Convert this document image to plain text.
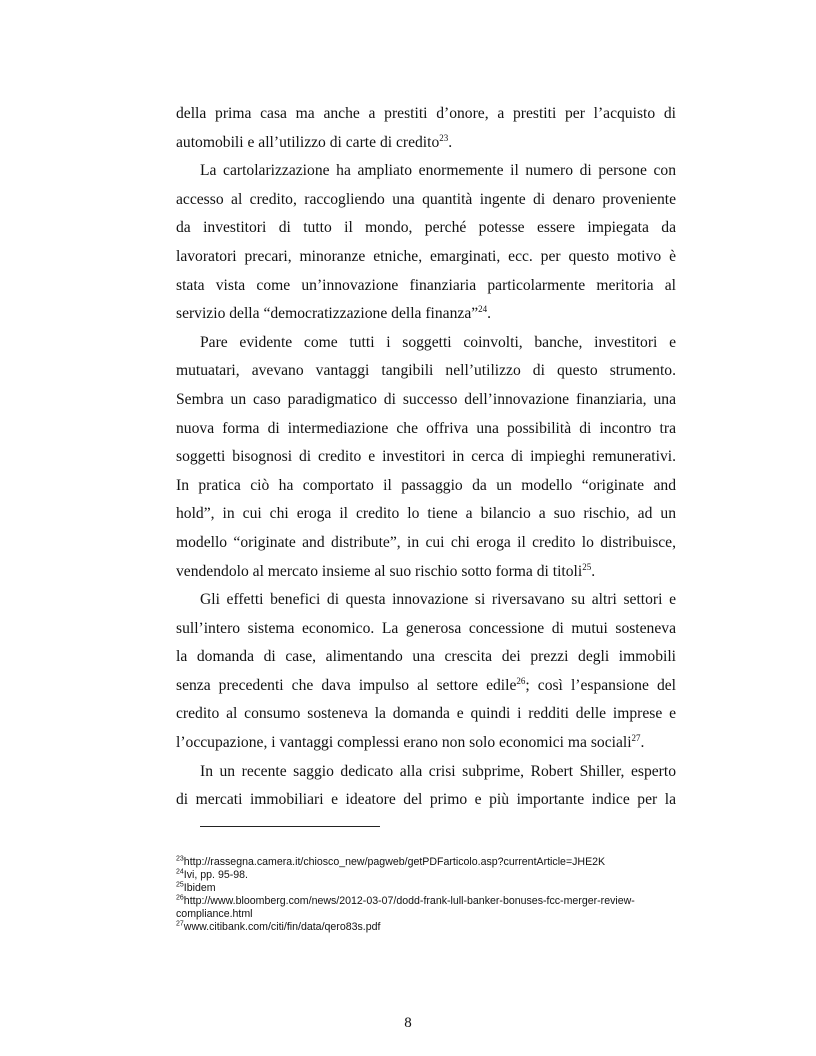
della prima casa ma anche a prestiti d’onore, a prestiti per l’acquisto di
automobili e all’utilizzo di carte di credito$^{23}$.

La cartolarizzazione ha ampliato enormemente il numero di persone con
accesso al credito, raccogliendo una quantità ingente di denaro proveniente
da investitori di tutto il mondo, perché potesse essere impiegata da
lavoratori precari, minoranze etniche, emarginati, ecc. per questo motivo è
stata vista come un’innovazione finanziaria particolarmente meritoria al
servizio della “democratizzazione della finanza”$^{24}$.

Pare evidente come tutti i soggetti coinvolti, banche, investitori e
mutuatari, avevano vantaggi tangibili nell’utilizzo di questo strumento.
Sembra un caso paradigmatico di successo dell’innovazione finanziaria, una
nuova forma di intermediazione che offriva una possibilità di incontro tra
soggetti bisognosi di credito e investitori in cerca di impieghi remunerativi.
In pratica ciò ha comportato il passaggio da un modello “originate and
hold”, in cui chi eroga il credito lo tiene a bilancio a suo rischio, ad un
modello “originate and distribute”, in cui chi eroga il credito lo distribuisce,
vendendolo al mercato insieme al suo rischio sotto forma di titoli$^{25}$.

Gli effetti benefici di questa innovazione si riversavano su altri settori e
sull’intero sistema economico. La generosa concessione di mutui sosteneva
la domanda di case, alimentando una crescita dei prezzi degli immobili
senza precedenti che dava impulso al settore edile$^{26}$; così l’espansione del
credito al consumo sosteneva la domanda e quindi i redditi delle imprese e
l’occupazione, i vantaggi complessi erano non solo economici ma sociali$^{27}$.

In un recente saggio dedicato alla crisi subprime, Robert Shiller, esperto
di mercati immobiliari e ideatore del primo e più importante indice per la

$^{23}$http://rassegna.camera.it/chiosco_new/pagweb/getPDFarticolo.asp?currentArticle=JHE2K

$^{24}$Ivi, pp. 95-98.

$^{25}$Ibidem

$^{26}$http://www.bloomberg.com/news/2012-03-07/dodd-frank-lull-banker-bonuses-fcc-merger-review-compliance.html

$^{27}$www.citibank.com/citi/fin/data/qero83s.pdf

8
